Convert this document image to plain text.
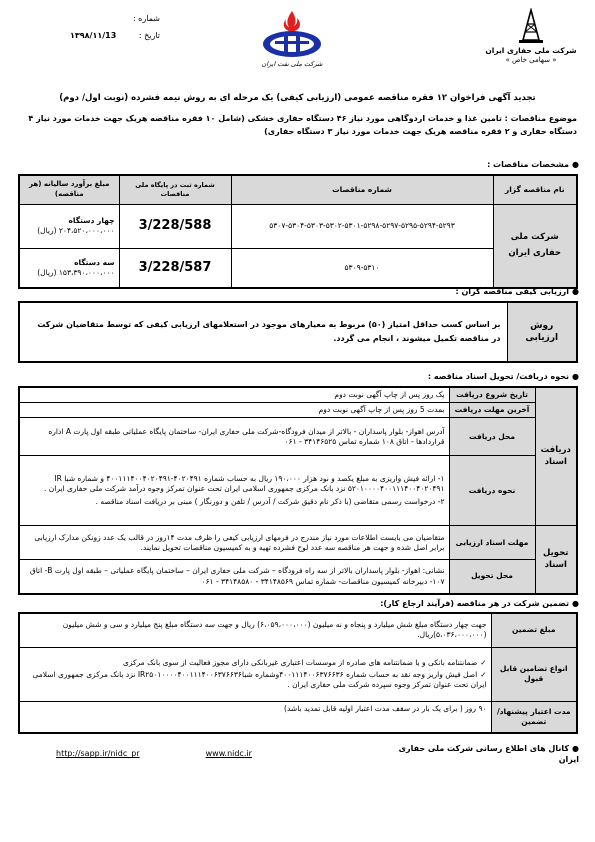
شرکت ملی حفاری ایران
« سهامی خاص »
شرکت ملی نفت ایران
شماره :
تاریخ :
۱۳۹۸/۱۱/13
تجدید آگهی فراخوان ۱۲ فقره مناقصه عمومی (ارزیابی کیفی) یک مرحله ای به روش نیمه فشرده (نوبت اول/ دوم)
موضوع مناقصات : تامین غذا و خدمات اردوگاهی مورد نیاز ۴۶ دستگاه حفاری خشکی (شامل ۱۰ فقره مناقصه هریک جهت خدمات مورد نیاز ۴ دستگاه حفاری و ۲ فقره مناقصه هریک جهت خدمات مورد نیاز ۳ دستگاه حفاری)
●مشخصات مناقصات :
نام مناقصه گزار	شماره مناقصات	شماره ثبت در پایگاه ملی مناقصات	مبلغ برآورد سالیانه (هر مناقصه)
شرکت ملی حفاری ایران	۵۳۰۷-۵۳۰۴-۵۳۰۳-۵۳۰۲-۵۳۰۱-۵۲۹۸-۵۲۹۷-۵۲۹۵-۵۲۹۴-۵۲۹۳	3/228/588	چهار دستگاه
۲۰۴،۵۲۰،۰۰۰،۰۰۰ (ریال)

	۵۳۰۹-۵۳۱۰	3/228/587	سه دستگاه
۱۵۳،۳۹۰،۰۰۰،۰۰۰ (ریال)
●ارزیابی کیفی مناقصه گران :
روش ارزیابی	بر اساس کسب حداقل امتیاز (۵۰) مربوط به معیارهای موجود در استعلامهای ارزیابی کیفی که توسط متقاضیان شرکت در مناقصه تکمیل میشوند ، انجام می گردد.
●نحوه دریافت/ تحویل اسناد مناقصه :
دریافت اسناد	تاریخ شروع دریافت	یک روز پس از چاپ آگهی نوبت دوم
	آخرین مهلت دریافت	بمدت 5 روز پس از چاپ آگهی نوبت دوم
	محل دریافت	آدرس اهواز- بلوار پاسداران - بالاتر از میدان فرودگاه-شرکت ملی حفاری ایران- ساختمان پایگاه عملیاتی طبقه اول پارت A اداره قراردادها - اتاق ۱۰۸ شماره تماس ۳۴۱۴۶۵۲۵ - ۰۶۱
	نحوه دریافت	۱- ارائه فیش واریزی به مبلغ یکصد و نود هزار ۱۹۰،۰۰۰ ریال به حساب شماره ۴۰۲۰۴۹۱-۴۰۰۱۱۱۴۰۰۴۰۲۰۴۹۱ و شماره شبا IR ۵۲۰۱۰۰۰۰۴۰۰۱۱۱۴۰۰۴۰۲۰۴۹۱ نزد بانک مرکزی جمهوری اسلامی ایران تحت عنوان تمرکز وجوه درآمد شرکت ملی حفاری ایران .
۲- درخواست رسمی متقاضی (با ذکر نام دقیق شرکت / آدرس / تلفن و دورنگار ) مبنی بر دریافت اسناد مناقصه .

تحویل اسناد	مهلت اسناد ارزیابی	متقاضیان می بایست اطلاعات مورد نیاز مندرج در فرمهای ارزیابی کیفی را ظرف مدت ۱۴روز در قالب یک عدد زونکن مدارک ارزیابی برابر اصل شده و جهت هر مناقصه سه عدد لوح فشرده تهیه و به کمیسیون مناقصات تحویل نمایند.
	محل تحویل	نشانی: اهواز- بلوار پاسداران بالاتر از سه راه فرودگاه – شرکت ملی حفاری ایران – ساختمان پایگاه عملیاتی – طبقه اول پارت B- اتاق ۱۰۷- دبیرخانه کمیسیون مناقصات- شماره تماس ۳۴۱۴۸۵۶۹ - ۳۴۱۴۸۵۸۰ - ۰۶۱
●تضمین شرکت در هر مناقصه (فرآیند ارجاع کار):
مبلغ تضمین	جهت چهار دستگاه مبلغ شش میلیارد و پنجاه و نه میلیون (۶،۰۵۹،۰۰۰،۰۰۰) ریال و جهت سه دستگاه مبلغ پنج میلیارد و سی و شش میلیون (۵،۰۳۶،۰۰۰،۰۰۰)ریال.
انواع تضامین قابل قبول	✓ضمانتنامه بانکی و یا ضمانتنامه های صادره از موسسات اعتباری غیربانکی دارای مجوز فعالیت از سوی بانک مرکزی
✓اصل فیش واریز وجه نقد به حساب شماره ۴۰۰۱۱۱۴۰۰۶۳۷۶۶۳۶وشماره شباIR۲۵۰۱۰۰۰۰۴۰۰۱۱۱۴۰۰۶۳۷۶۶۳۶ نزد بانک مرکزی جمهوری اسلامی ایران تحت عنوان تمرکز وجوه سپرده شرکت ملی حفاری ایران .

مدت اعتبار پیشنهاد/ تضمین	۹۰ روز ( برای یک بار در سقف مدت اعتبار اولیه قابل تمدید باشد)
●کانال های اطلاع رسانی شرکت ملی حفاری ایران
www.nidc.ir
http://sapp.ir/nidc_pr
